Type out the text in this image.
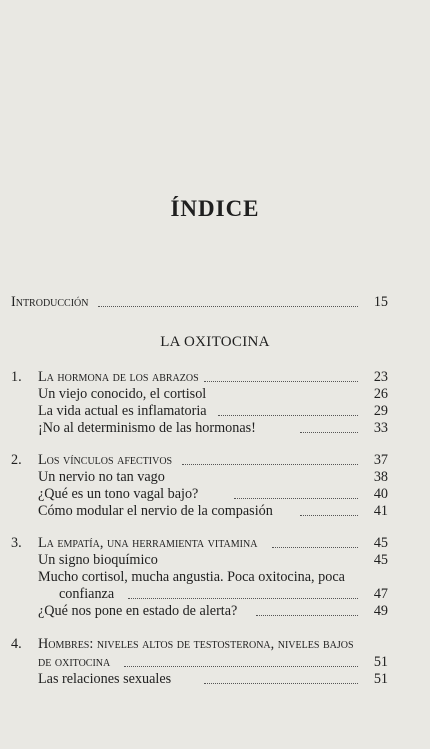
ÍNDICE
Introducción	15
LA OXITOCINA
1.	La hormona de los abrazos	23
Un viejo conocido, el cortisol	26
La vida actual es inflamatoria	29
¡No al determinismo de las hormonas!	33
2.	Los vínculos afectivos	37
Un nervio no tan vago	38
¿Qué es un tono vagal bajo?	40
Cómo modular el nervio de la compasión	41
3.	La empatía, una herramienta vitamina	45
Un signo bioquímico	45
Mucho cortisol, mucha angustia. Poca oxitocina, poca
confianza	47
¿Qué nos pone en estado de alerta?	49
4.	Hombres: niveles altos de testosterona, niveles bajos
de oxitocina	51
Las relaciones sexuales	51
